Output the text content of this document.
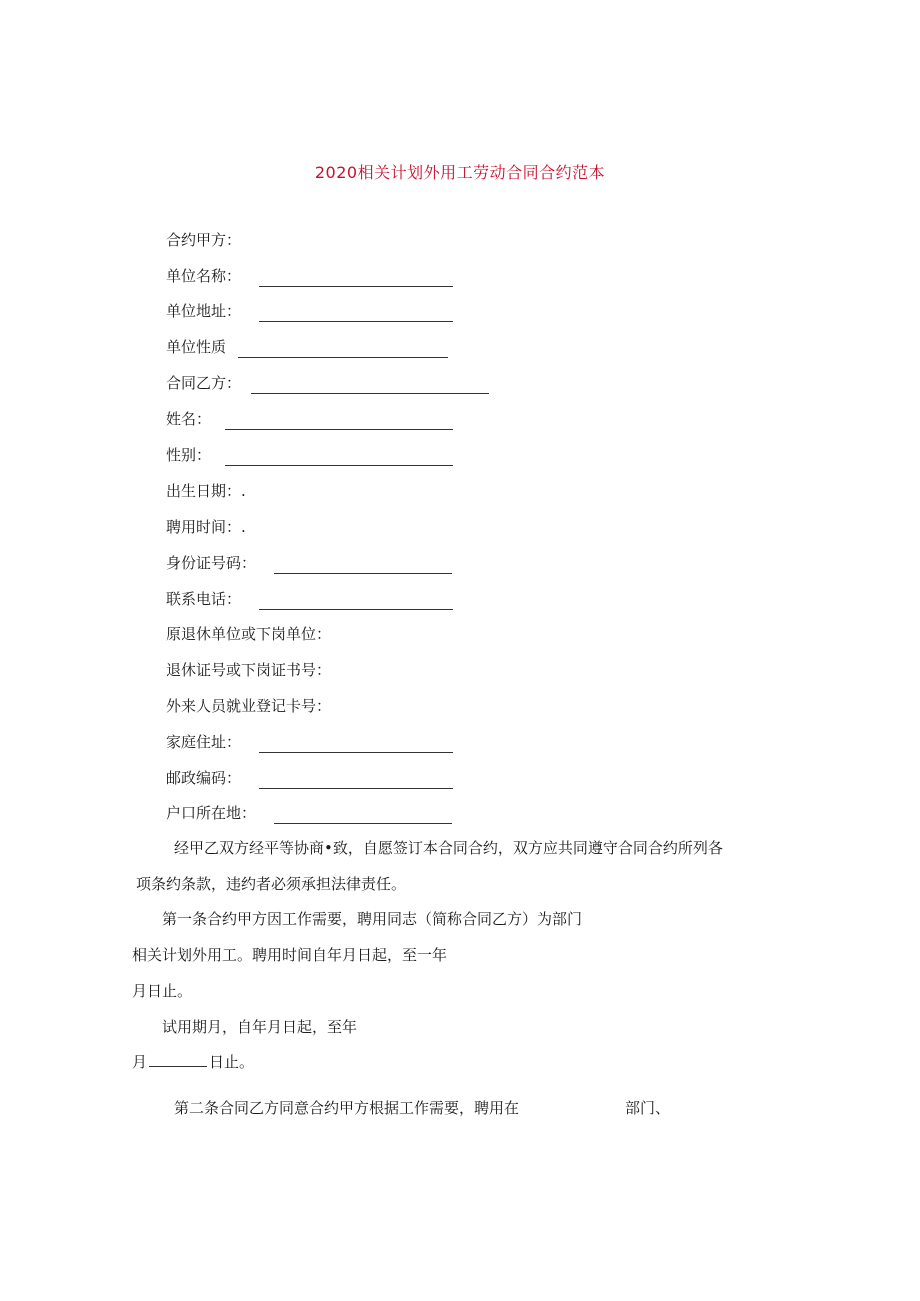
2020相关计划外用工劳动合同合约范本
合约甲方：
单位名称：
单位地址：
单位性质
合同乙方：
姓名：
性别：
出生日期：.
聘用时间：.
身份证号码：
联系电话：
原退休单位或下岗单位：
退休证号或下岗证书号：
外来人员就业登记卡号：
家庭住址：
邮政编码：
户口所在地：
经甲乙双方经平等协商•致，自愿签订本合同合约，双方应共同遵守合同合约所列各
项条约条款，违约者必须承担法律责任。
第一条合约甲方因工作需要，聘用同志（简称合同乙方）为部门
相关计划外用工。聘用时间自年月日起，至一年
月日止。
试用期月，自年月日起，至年
月	日止。
第二条合同乙方同意合约甲方根据工作需要，聘用在	部门、
